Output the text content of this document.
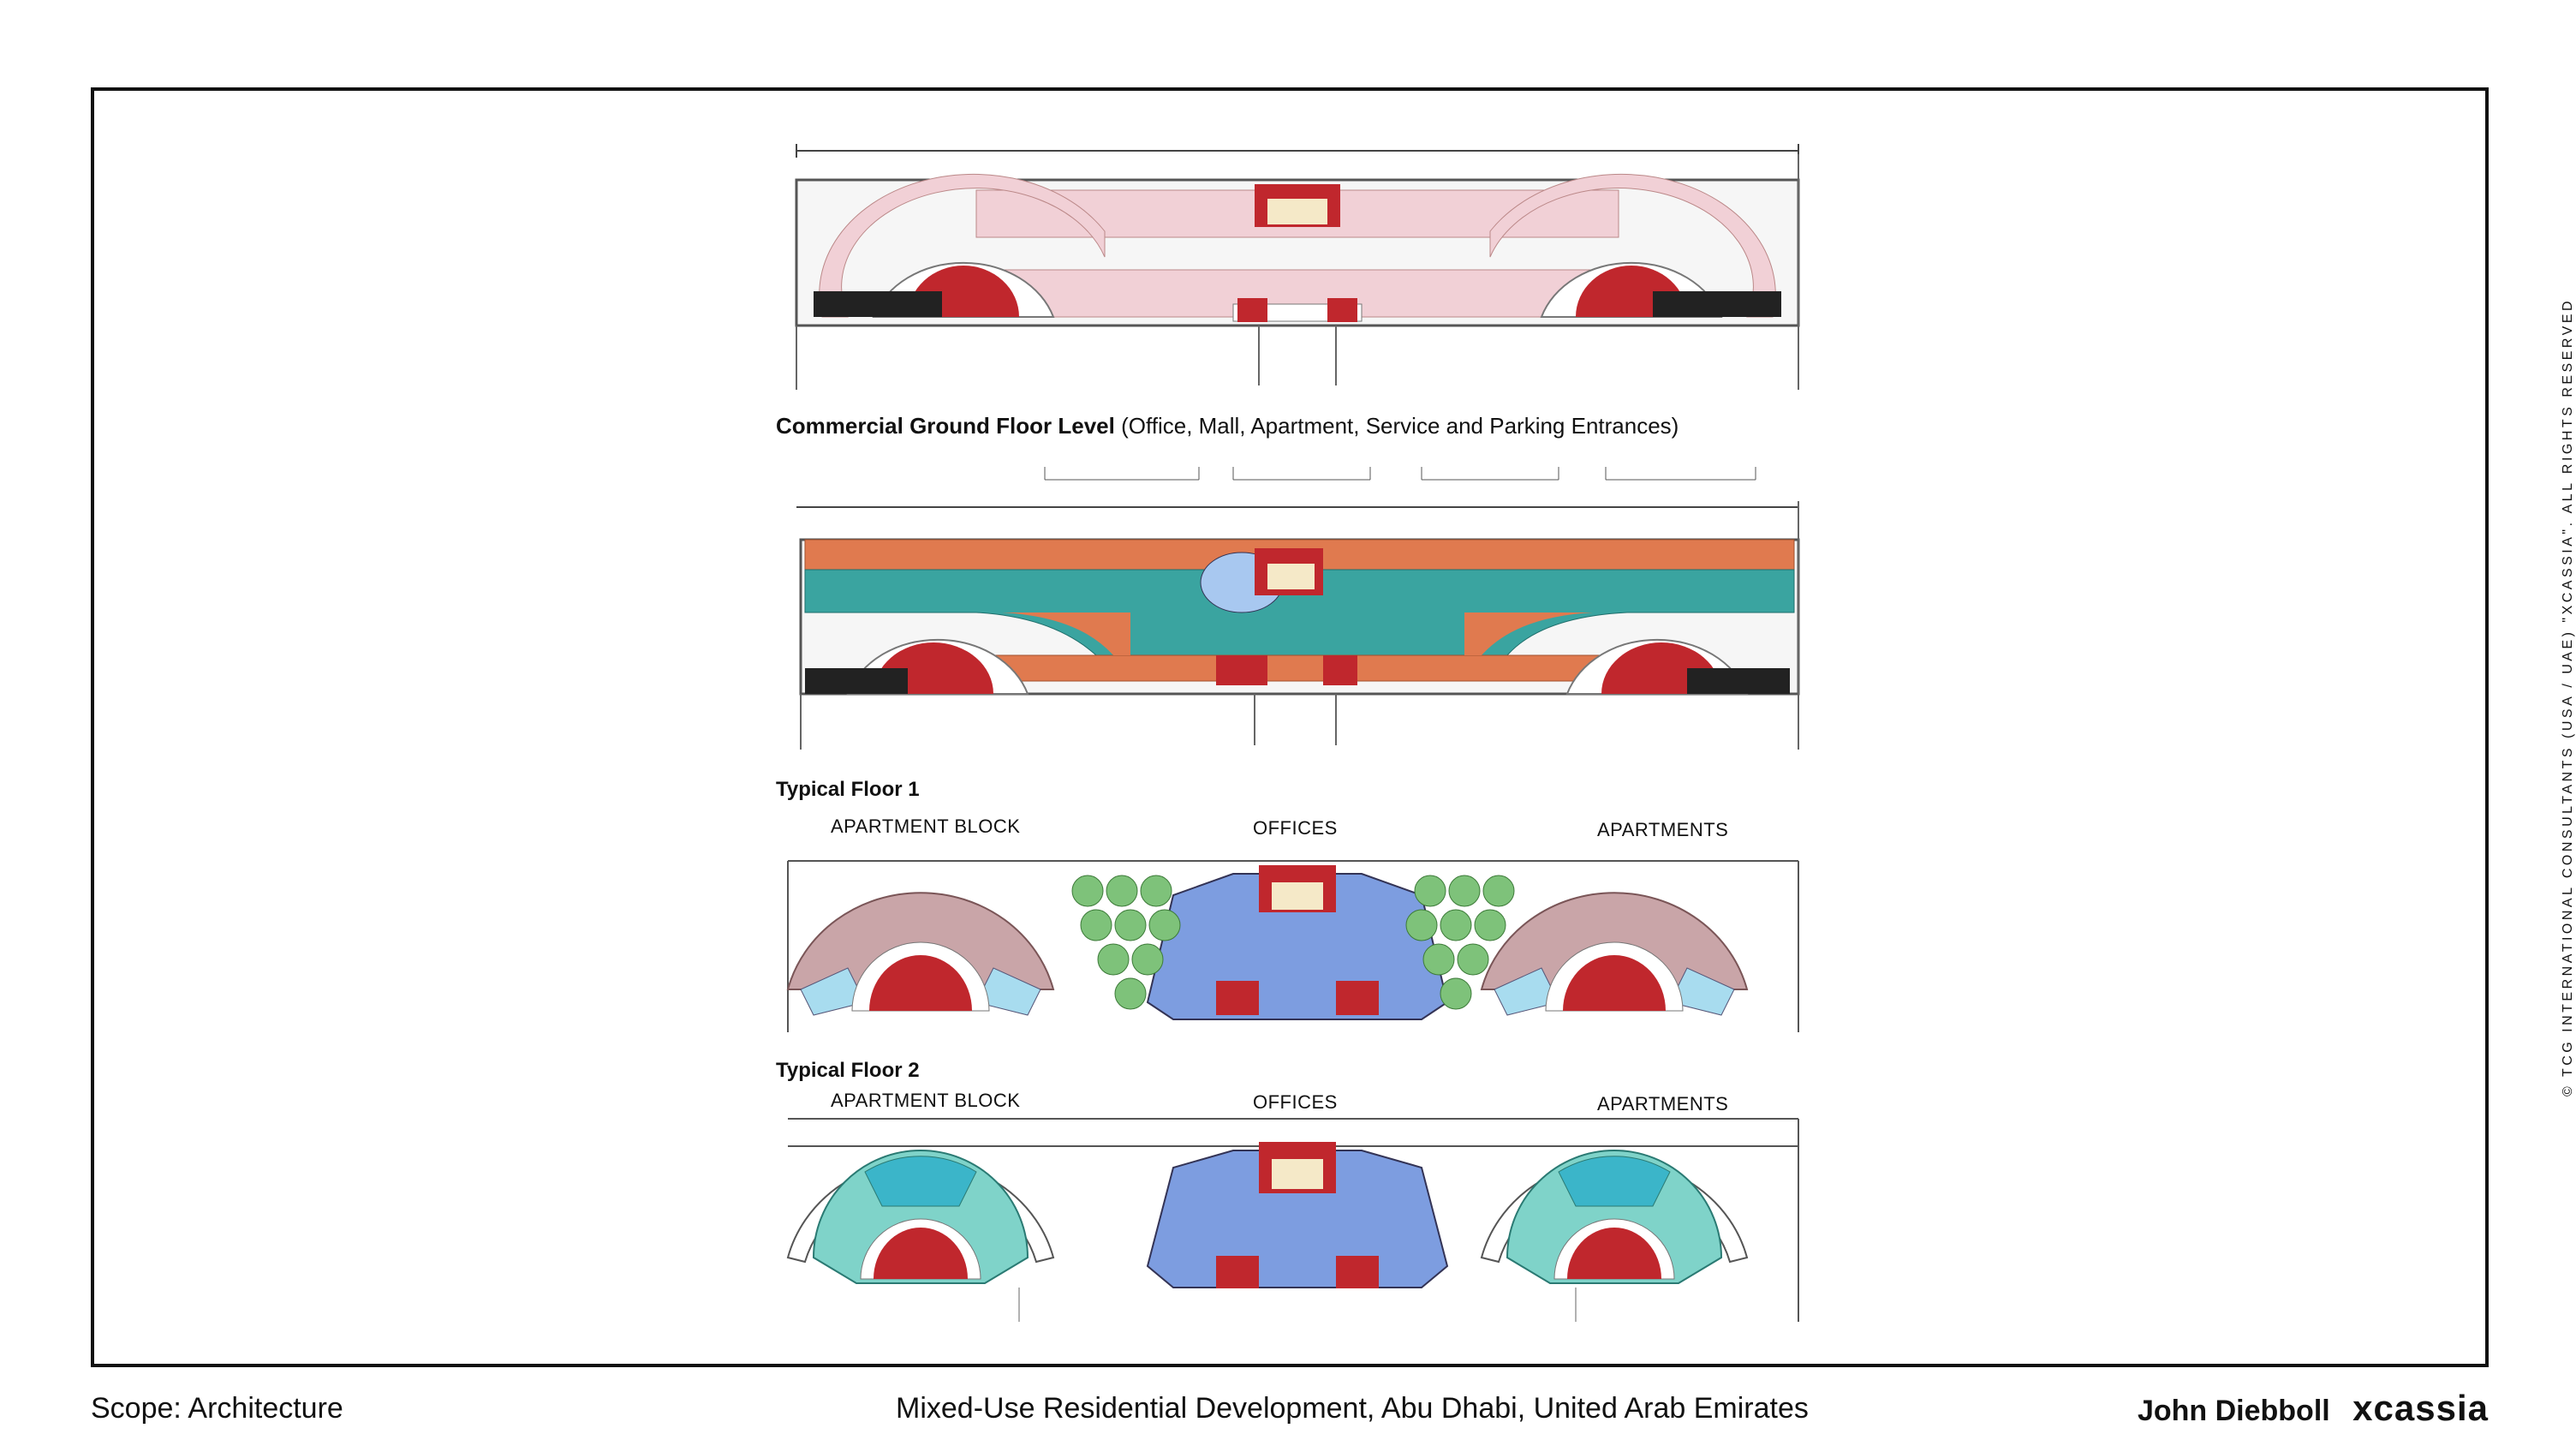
Commercial Ground Floor Level (Office, Mall, Apartment, Service and Parking Entrances)
Typical Floor 1
APARTMENT BLOCK	OFFICES	APARTMENTS
Typical Floor 2
APARTMENT BLOCK	OFFICES	APARTMENTS
Scope: Architecture	Mixed-Use Residential Development, Abu Dhabi, United Arab Emirates	John Diebboll xcassia
© TCG INTERNATIONAL CONSULTANTS (USA / UAE) "XCASSIA". ALL RIGHTS RESERVED
